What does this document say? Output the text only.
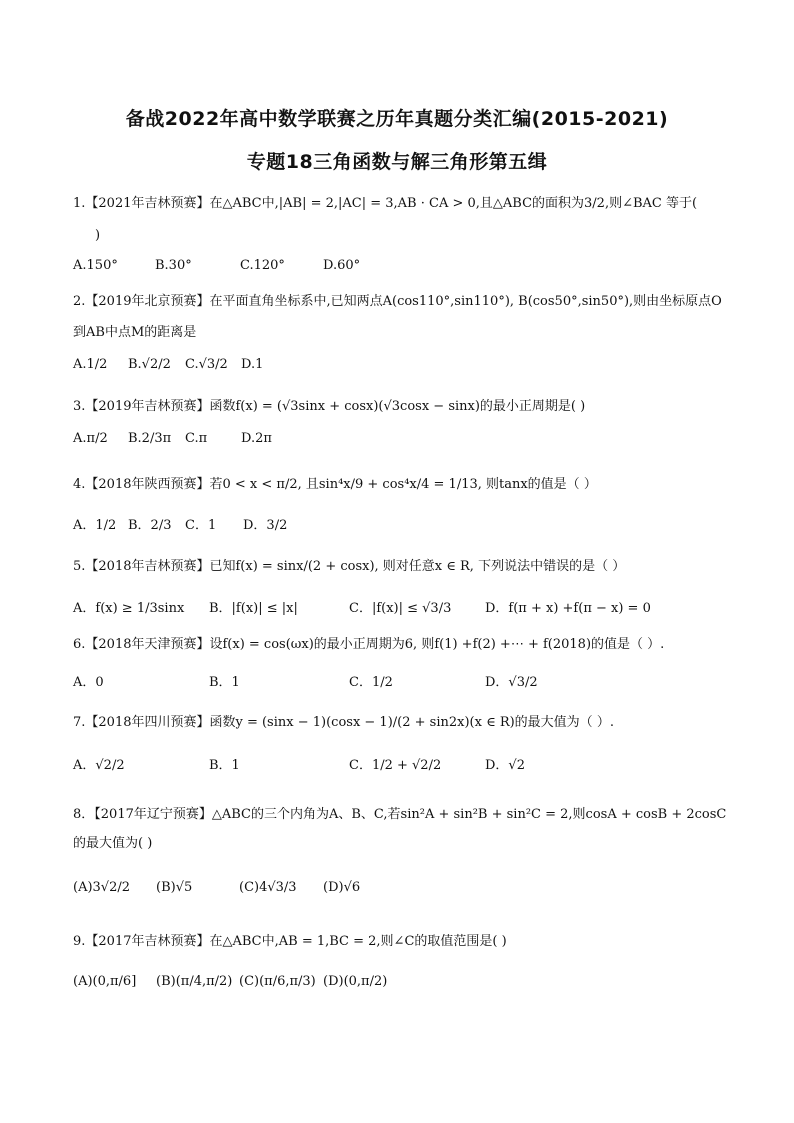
备战2022年高中数学联赛之历年真题分类汇编(2015-2021)
专题18三角函数与解三角形第五缉
1.【2021年吉林预赛】在△ABC中,|AB| = 2,|AC| = 3,AB · CA > 0,且△ABC的面积为3/2,则∠BAC 等于(
)
A.150°	B.30°	C.120°	D.60°
2.【2019年北京预赛】在平面直角坐标系中,已知两点A(cos110°,sin110°), B(cos50°,sin50°),则由坐标原点O
到AB中点M的距离是
A.1/2 B.√2/2 C.√3/2 D.1
3.【2019年吉林预赛】函数f(x) = (√3sinx + cosx)(√3cosx − sinx)的最小正周期是( )
A.π/2 B.2/3π C.π	D.2π
4.【2018年陕西预赛】若0 < x < π/2, 且sin⁴x/9 + cos⁴x/4 = 1/13, 则tanx的值是（ ）
A．1/2 B．2/3 C．1 D．3/2
5.【2018年吉林预赛】已知f(x) = sinx/(2 + cosx), 则对任意x ∈ R, 下列说法中错误的是（ ）
A．f(x) ≥ 1/3sinx B．|f(x)| ≤ |x|	C．|f(x)| ≤ √3/3	D．f(π + x) +f(π − x) = 0
6.【2018年天津预赛】设f(x) = cos(ωx)的最小正周期为6, 则f(1) +f(2) +⋯ + f(2018)的值是（ ）.
A．0	B．1	C．1/2	D．√3/2
7.【2018年四川预赛】函数y = (sinx − 1)(cosx − 1)/(2 + sin2x)(x ∈ R)的最大值为（ ）.
A．√2/2	B．1	C．1/2 + √2/2	D．√2
8．【2017年辽宁预赛】△ABC的三个内角为A、B、C,若sin²A + sin²B + sin²C = 2,则cosA + cosB + 2cosC
的最大值为( )
(A)3√2/2 (B)√5	(C)4√3/3 (D)√6
9.【2017年吉林预赛】在△ABC中,AB = 1,BC = 2,则∠C的取值范围是( )
(A)(0,π/6] (B)(π/4,π/2) (C)(π/6,π/3) (D)(0,π/2)
